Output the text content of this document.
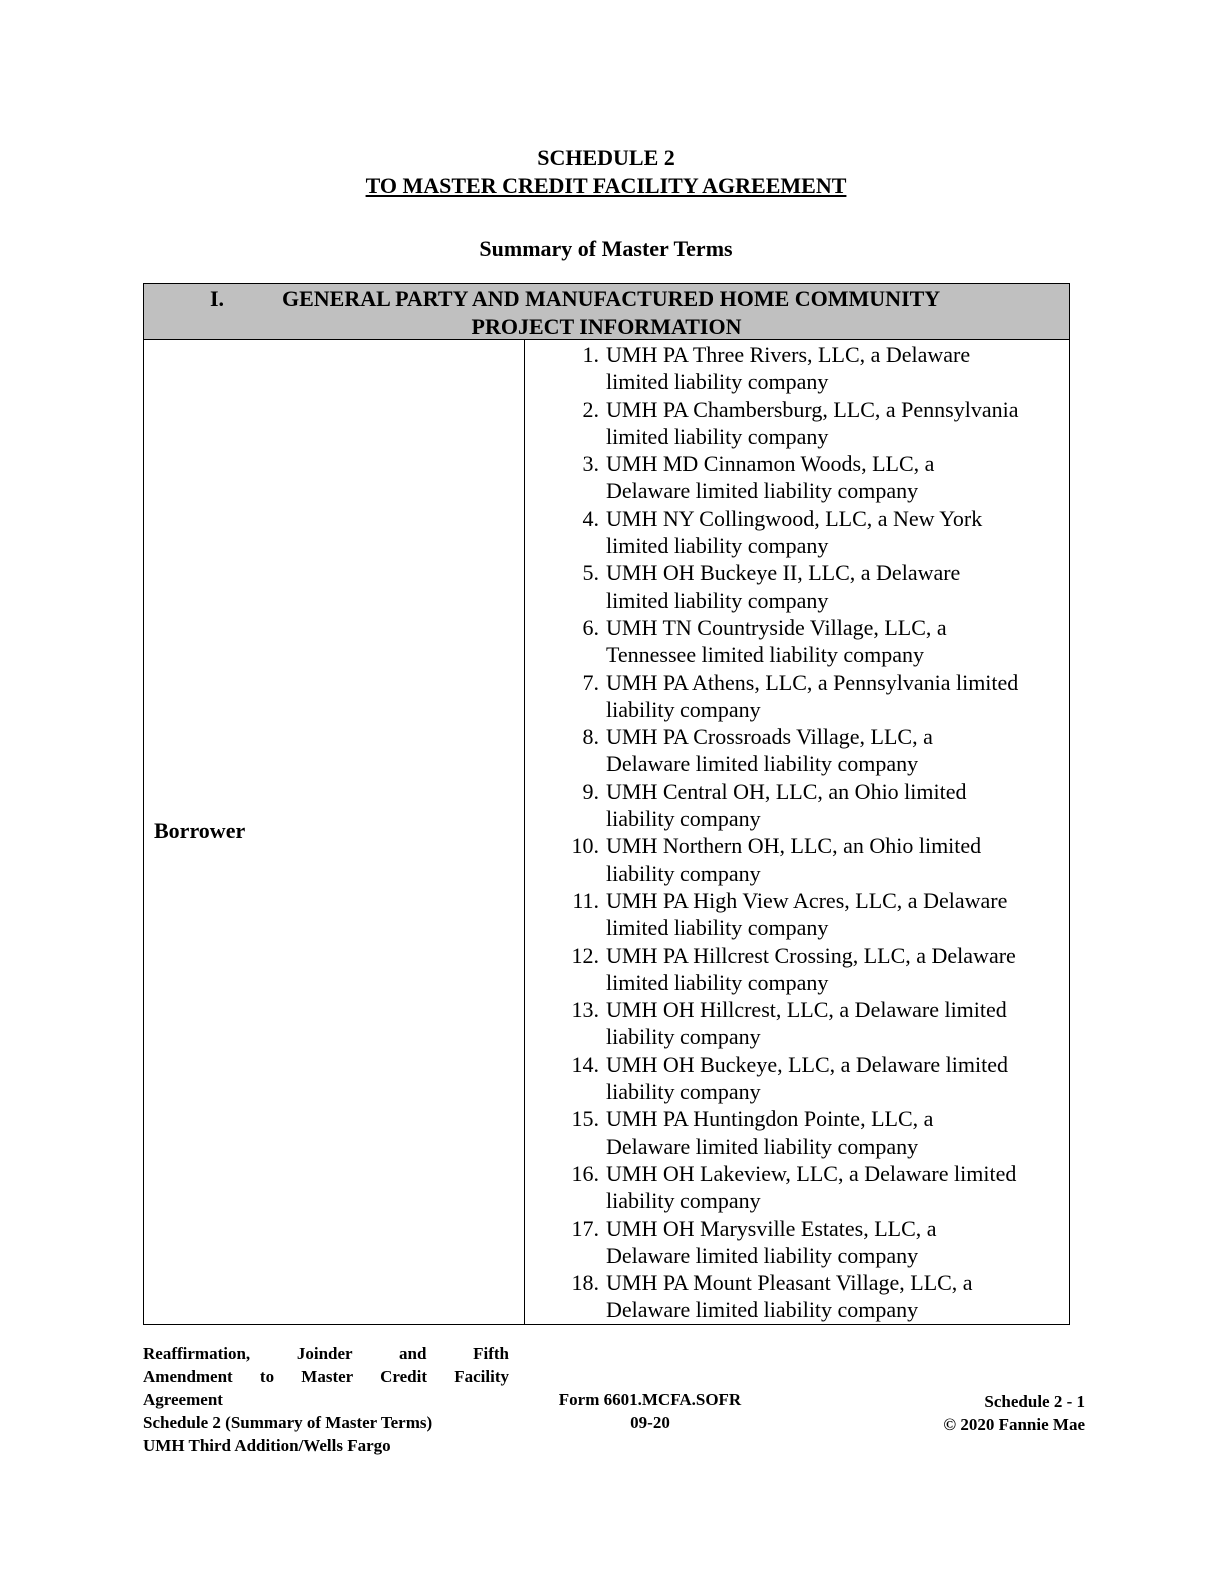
SCHEDULE 2
TO MASTER CREDIT FACILITY AGREEMENT
Summary of Master Terms
I.	GENERAL PARTY AND MANUFACTURED HOME COMMUNITY
PROJECT INFORMATION
Borrower
1. UMH PA Three Rivers, LLC, a Delaware
limited liability company
2. UMH PA Chambersburg, LLC, a Pennsylvania
limited liability company
3. UMH MD Cinnamon Woods, LLC, a
Delaware limited liability company
4. UMH NY Collingwood, LLC, a New York
limited liability company
5. UMH OH Buckeye II, LLC, a Delaware
limited liability company
6. UMH TN Countryside Village, LLC, a
Tennessee limited liability company
7. UMH PA Athens, LLC, a Pennsylvania limited
liability company
8. UMH PA Crossroads Village, LLC, a
Delaware limited liability company
9. UMH Central OH, LLC, an Ohio limited
liability company
10. UMH Northern OH, LLC, an Ohio limited
liability company
11. UMH PA High View Acres, LLC, a Delaware
limited liability company
12. UMH PA Hillcrest Crossing, LLC, a Delaware
limited liability company
13. UMH OH Hillcrest, LLC, a Delaware limited
liability company
14. UMH OH Buckeye, LLC, a Delaware limited
liability company
15. UMH PA Huntingdon Pointe, LLC, a
Delaware limited liability company
16. UMH OH Lakeview, LLC, a Delaware limited
liability company
17. UMH OH Marysville Estates, LLC, a
Delaware limited liability company
18. UMH PA Mount Pleasant Village, LLC, a
Delaware limited liability company
Reaffirmation, Joinder and Fifth
Amendment to Master Credit Facility
Agreement
Schedule 2 (Summary of Master Terms)
UMH Third Addition/Wells Fargo
Form 6601.MCFA.SOFR
09-20
Schedule 2 - 1
© 2020 Fannie Mae
